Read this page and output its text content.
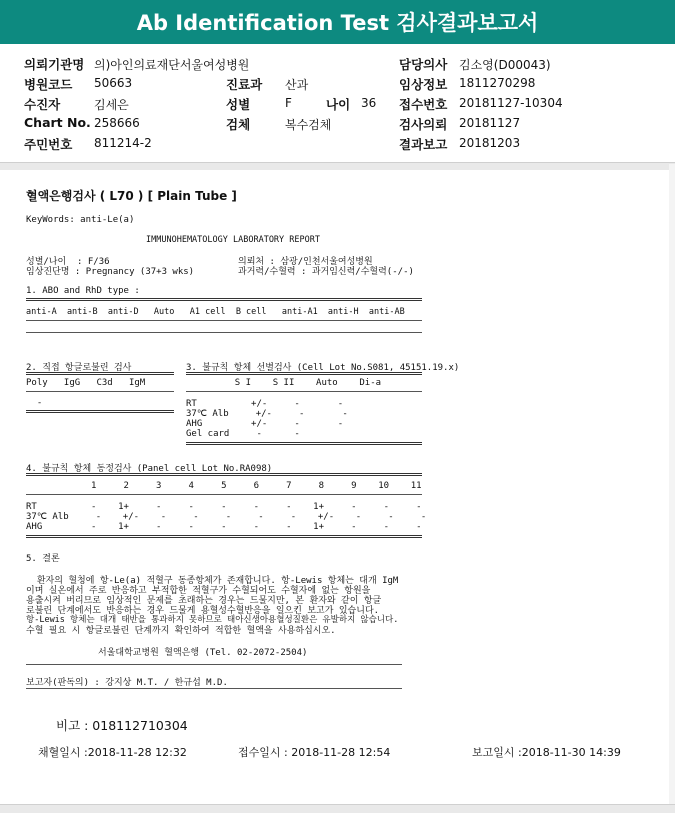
Ab Identification Test 검사결과보고서
의뢰기관명 의)아인의료재단서울여성병원	담당의사 김소영(D00043)
병원코드 50663	진료과 산과	임상정보 1811270298
수진자	김세은	성별	F	나이 36 접수번호 20181127-10304
Chart No. 258666	검체	복수검체	검사의뢰 20181127
주민번호 811214-2	결과보고 20181203
혈액은행검사 ( L70 ) [ Plain Tube ]
KeyWords: anti-Le(a)
IMMUNOHEMATOLOGY LABORATORY REPORT
성별/나이  : F/36
임상진단명 : Pregnancy (37+3 wks)
의뢰처 : 삼광/인천서울여성병원
과거력/수혈력 : 과거임신력/수혈력(-/-)
1. ABO and RhD type :
anti-A  anti-B  anti-D   Auto   A1 cell  B cell   anti-A1  anti-H  anti-AB
2. 직접 항글로불린 검사
Poly   IgG   C3d   IgM
-
3. 불규칙 항체 선별검사 (Cell Lot No.S081, 45151.19.x)
S I    S II    Auto    Di-a
RT          +/-     -       -
37℃ Alb     +/-     -       -
AHG         +/-     -       -
Gel card     -      -
4. 불규칙 항체 동정검사 (Panel cell Lot No.RA098)
1     2     3     4     5     6     7     8     9    10    11
RT          -    1+     -     -     -     -     -    1+     -     -     -
37℃ Alb     -    +/-    -     -     -     -     -    +/-    -     -     -
AHG         -    1+     -     -     -     -     -    1+     -     -     -
5. 결론
환자의 혈청에 항-Le(a) 적혈구 동종항체가 존재합니다. 항-Lewis 항체는 대개 IgM
이며 실온에서 주로 반응하고 부적합한 적혈구가 수혈되어도 수혈자에 없는 항원을
용출시켜 버리므로 임상적인 문제를 초래하는 경우는 드물지만, 본 환자와 같이 항글
로불린 단계에서도 반응하는 경우 드물게 용혈성수혈반응을 일으킨 보고가 있습니다.
항-Lewis 항체는 대개 태반을 통과하지 못하므로 태아신생아용혈성질환은 유발하지 않습니다.
수혈 필요 시 항글로불린 단계까지 확인하여 적합한 혈액을 사용하십시오.
서울대학교병원 혈액은행 (Tel. 02-2072-2504)
보고자(판독의) : 강지상 M.T. / 한규섭 M.D.
비고 : 018112710304
채혈일시 :2018-11-28 12:32	접수일시 : 2018-11-28 12:54	보고일시 :2018-11-30 14:39
